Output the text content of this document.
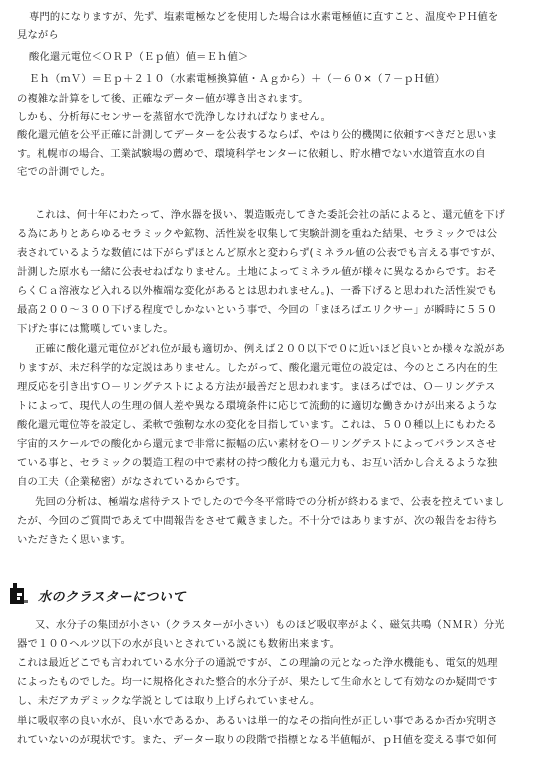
専門的になりますが、先ず、塩素電極などを使用した場合は水素電極値に直すこと、温度やＰＨ値を
見ながら
酸化還元電位＜ＯＲＰ（Ｅｐ値）値＝Ｅｈ値＞
Ｅｈ（ｍＶ）＝Ｅｐ＋２１０（水素電極換算値・Ａｇから）＋（－６０×（７－ｐＨ値）
の複雑な計算をして後、正確なデーター値が導き出されます。
しかも、分析毎にセンサーを蒸留水で洗浄しなければなりません。
酸化還元値を公平正確に計測してデーターを公表するならば、やはり公的機関に依頼すべきだと思いま
す。札幌市の場合、工業試験場の薦めで、環境科学センターに依頼し、貯水槽でない水道管直水の自
宅での計測でした。
これは、何十年にわたって、浄水器を扱い、製造販売してきた委託会社の話によると、還元値を下げ
る為にありとあらゆるセラミックや鉱物、活性炭を収集して実験計測を重ねた結果、セラミックでは公
表されているような数値には下がらずほとんど原水と変わらず(ミネラル値の公表でも言える事ですが、
計測した原水も一緒に公表せねばなりません。土地によってミネラル値が様々に異なるからです。おそ
らくＣａ溶液など入れる以外権端な変化があるとは思われません。)、一番下げると思われた活性炭でも
最高２００～３００下げる程度でしかないという事で、今回の「まほろばエリクサー」が瞬時に５５０
下げた事には驚嘆していました。
正確に酸化還元電位がどれ位が最も適切か、例えば２００以下で０に近いほど良いとか様々な説があ
りますが、未だ科学的な定説はありません。したがって、酸化還元電位の設定は、今のところ内在的生
理反応を引き出すＯ－リングテストによる方法が最善だと思われます。まほろばでは、Ｏ－リングテス
トによって、現代人の生理の個人差や異なる環境条件に応じて流動的に適切な働きかけが出来るような
酸化還元電位等を設定し、柔軟で強靭な水の変化を目指しています。これは、５００種以上にもわたる
宇宙的スケールでの酸化から還元まで非常に振幅の広い素材をＯ－リングテストによってバランスさせ
ている事と、セラミックの製造工程の中で素材の持つ酸化力も還元力も、お互い活かし合えるような独
自の工夫（企業秘密）がなされているからです。
先回の分析は、極端な虐待テストでしたので今冬平常時での分析が終わるまで、公表を控えていまし
たが、今回のご質問であえて中間報告をさせて戴きました。不十分ではありますが、次の報告をお待ち
いただきたく思います。
水のクラスターについて
又、水分子の集団が小さい（クラスターが小さい）ものほど吸収率がよく、磁気共鳴（ＮＭＲ）分光
器で１００ヘルツ以下の水が良いとされている説にも数術出来ます。
これは最近どこでも言われている水分子の通説ですが、この理論の元となった浄水機能も、電気的処理
によったものでした。均一に規格化された整合的水分子が、果たして生命水として有効なのか疑問です
し、未だアカデミックな学説としては取り上げられていません。
単に吸収率の良い水が、良い水であるか、あるいは単一的なその指向性が正しい事であるか否か究明さ
れていないのが現状です。また、データー取りの段階で指標となる半値幅が、ｐＨ値を変える事で如何
